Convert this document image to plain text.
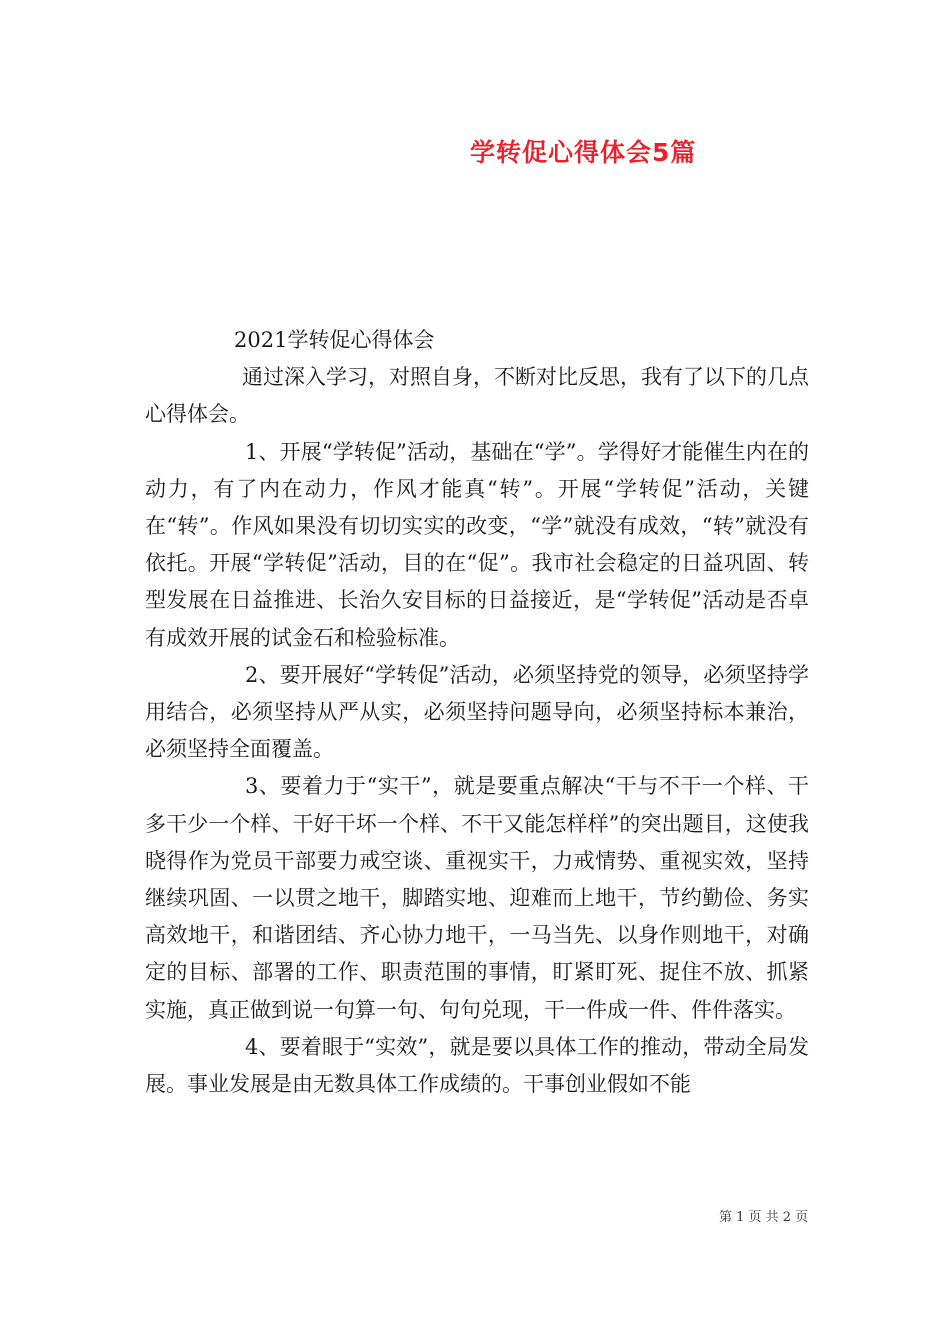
学转促心得体会5篇

2021学转促心得体会

通过深入学习，对照自身，不断对比反思，我有了以下的几点心得体会。

1、开展“学转促”活动，基础在“学”。学得好才能催生内在的动力，有了内在动力，作风才能真“转”。开展“学转促”活动，关键在“转”。作风如果没有切切实实的改变，“学”就没有成效，“转”就没有依托。开展“学转促”活动，目的在“促”。我市社会稳定的日益巩固、转型发展在日益推进、长治久安目标的日益接近，是“学转促”活动是否卓有成效开展的试金石和检验标准。

2、要开展好“学转促”活动，必须坚持党的领导，必须坚持学用结合，必须坚持从严从实，必须坚持问题导向，必须坚持标本兼治，必须坚持全面覆盖。

3、要着力于“实干”，就是要重点解决“干与不干一个样、干多干少一个样、干好干坏一个样、不干又能怎样样”的突出题目，这使我晓得作为党员干部要力戒空谈、重视实干，力戒情势、重视实效，坚持继续巩固、一以贯之地干，脚踏实地、迎难而上地干，节约勤俭、务实高效地干，和谐团结、齐心协力地干，一马当先、以身作则地干，对确定的目标、部署的工作、职责范围的事情，盯紧盯死、捉住不放、抓紧实施，真正做到说一句算一句、句句兑现，干一件成一件、件件落实。

4、要着眼于“实效”，就是要以具体工作的推动，带动全局发展。事业发展是由无数具体工作成绩的。干事创业假如不能

第 1 页 共 2 页
